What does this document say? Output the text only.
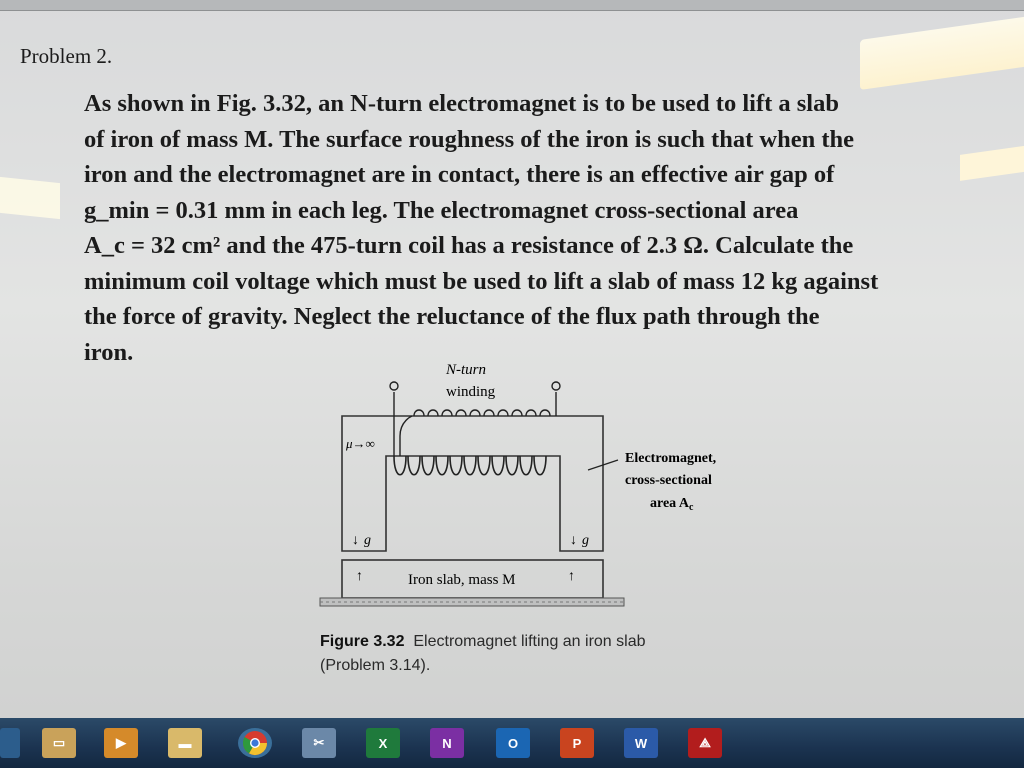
Problem 2.
As shown in Fig. 3.32, an N-turn electromagnet is to be used to lift a slab
of iron of mass M. The surface roughness of the iron is such that when the
iron and the electromagnet are in contact, there is an effective air gap of
g_min = 0.31 mm in each leg. The electromagnet cross-sectional area
A_c = 32 cm² and the 475-turn coil has a resistance of 2.3 Ω. Calculate the
minimum coil voltage which must be used to lift a slab of mass 12 kg against
the force of gravity. Neglect the reluctance of the flux path through the
iron.
N-turn
winding
μ→∞
Electromagnet,
cross-sectional
area $A_c$
↓ g	↓ g
↑	↑
Iron slab, mass M
Figure 3.32 Electromagnet lifting an iron slab
(Problem 3.14).
▭	▶	▬	✂	X	N	O	P	W	⟁
